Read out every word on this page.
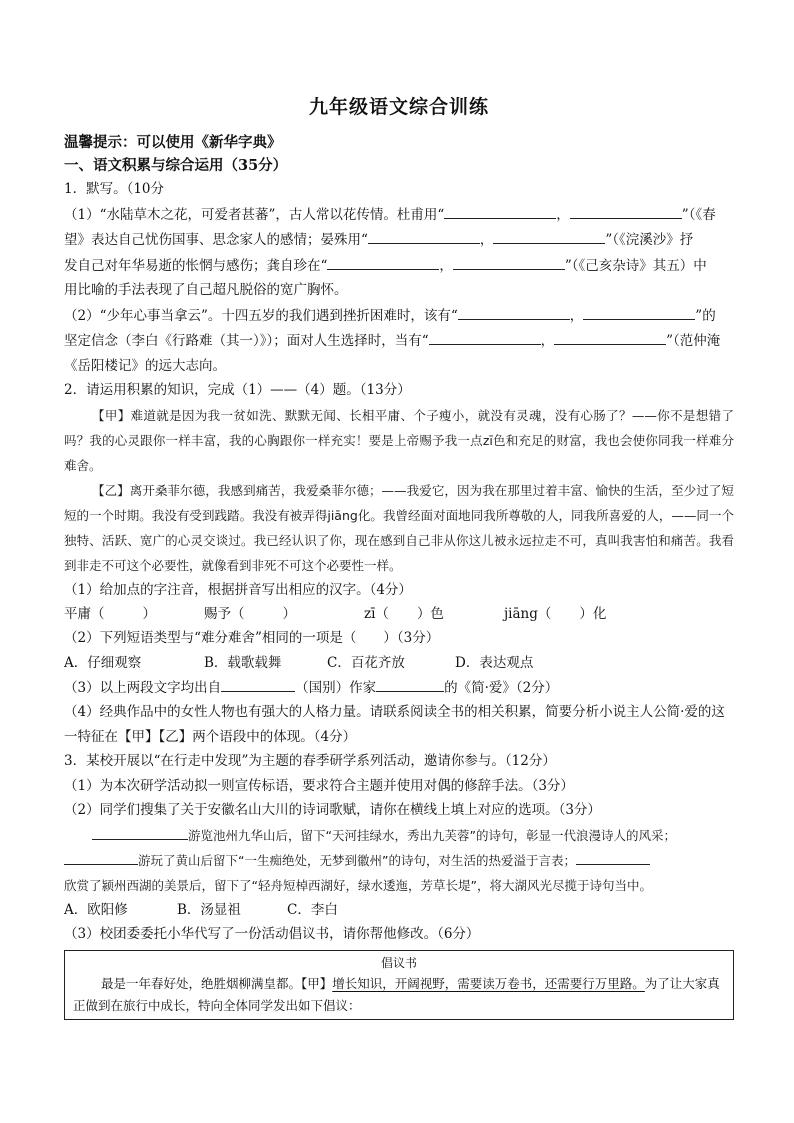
九年级语文综合训练

温馨提示：可以使用《新华字典》

一、语文积累与综合运用（35分）

1．默写。（10分

（1）“水陆草木之花，可爱者甚蕃”，古人常以花传情。杜甫用“	，	”（《春

望》表达自己忧伤国事、思念家人的感情；晏殊用“	，	”（《浣溪沙》抒

发自己对年华易逝的怅惘与感伤；龚自珍在“	，	”（《己亥杂诗》其五）中

用比喻的手法表现了自己超凡脱俗的宽广胸怀。

（2）“少年心事当拿云”。十四五岁的我们遇到挫折困难时，该有“	，	”的

坚定信念（李白《行路难（其一）》）；面对人生选择时，当有“	，	”（范仲淹

《岳阳楼记》的远大志向。

2．请运用积累的知识，完成（1）——（4）题。（13分）

【甲】难道就是因为我一贫如洗、默默无闻、长相平庸、个子瘦小，就没有灵魂，没有心肠了？——你不是想错了吗？我的心灵跟你一样丰富，我的心胸跟你一样充实！要是上帝赐予我一点zī色和充足的财富，我也会使你同我一样难分难舍。

【乙】离开桑菲尔德，我感到痛苦，我爱桑菲尔德；——我爱它，因为我在那里过着丰富、愉快的生活，至少过了短短的一个时期。我没有受到践踏。我没有被弄得jiāng化。我曾经面对面地同我所尊敬的人，同我所喜爱的人，——同一个独特、活跃、宽广的心灵交谈过。我已经认识了你，现在感到自己非从你这儿被永远拉走不可，真叫我害怕和痛苦。我看到非走不可这个必要性，就像看到非死不可这个必要性一样。

（1）给加点的字注音，根据拼音写出相应的汉字。（4分）

平庸（	）	赐予（	）	zī（ ）色	jiāng（ ）化

（2）下列短语类型与“难分难舍”相同的一项是（　　）（3分）

A．仔细观察	B．载歌载舞	C．百花齐放	D．表达观点

（3）以上两段文字均出自	（国别）作家	的《简·爱》（2分）

（4）经典作品中的女性人物也有强大的人格力量。请联系阅读全书的相关积累，简要分析小说主人公简·爱的这一特征在【甲】【乙】两个语段中的体现。（4分）

3．某校开展以“在行走中发现”为主题的春季研学系列活动，邀请你参与。（12分）

（1）为本次研学活动拟一则宣传标语，要求符合主题并使用对偶的修辞手法。（3分）

（2）同学们搜集了关于安徽名山大川的诗词歌赋，请你在横线上填上对应的选项。（3分）

游览池州九华山后，留下“天河挂绿水，秀出九芙蓉”的诗句，彰显一代浪漫诗人的风采；

游玩了黄山后留下“一生痴绝处，无梦到徽州”的诗句，对生活的热爱溢于言表；

欣赏了颍州西湖的美景后，留下了“轻舟短棹西湖好，绿水逶迤，芳草长堤”，将大湖风光尽揽于诗句当中。

A．欧阳修	B．汤显祖	C．李白

（3）校团委委托小华代写了一份活动倡议书，请你帮他修改。（6分）

倡议书

最是一年春好处，绝胜烟柳满皇都。【甲】增长知识，开阔视野，需要读万卷书，还需要行万里路。为了让大家真正做到在旅行中成长，特向全体同学发出如下倡议：
